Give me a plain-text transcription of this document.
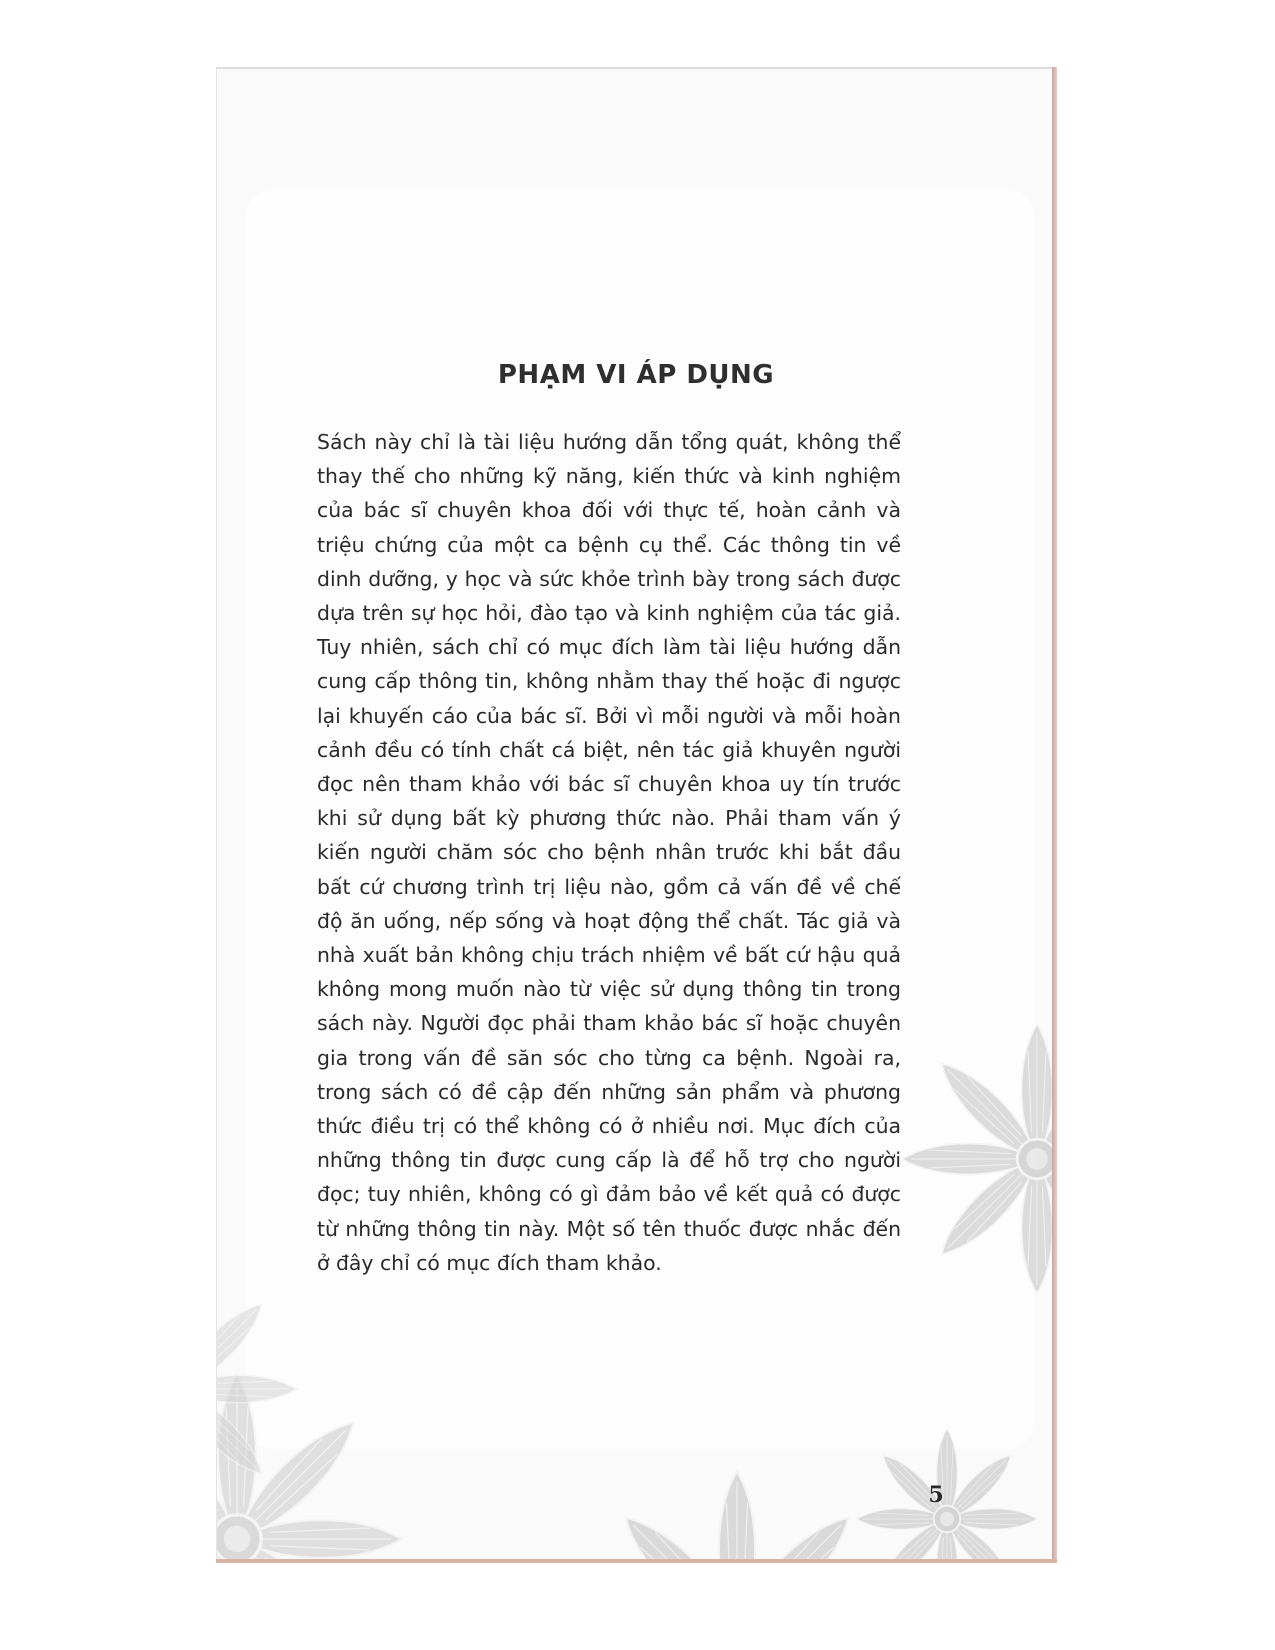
PHẠM VI ÁP DỤNG

Sách này chỉ là tài liệu hướng dẫn tổng quát, không thể thay thế cho những kỹ năng, kiến thức và kinh nghiệm của bác sĩ chuyên khoa đối với thực tế, hoàn cảnh và triệu chứng của một ca bệnh cụ thể. Các thông tin về dinh dưỡng, y học và sức khỏe trình bày trong sách được dựa trên sự học hỏi, đào tạo và kinh nghiệm của tác giả. Tuy nhiên, sách chỉ có mục đích làm tài liệu hướng dẫn cung cấp thông tin, không nhằm thay thế hoặc đi ngược lại khuyến cáo của bác sĩ. Bởi vì mỗi người và mỗi hoàn cảnh đều có tính chất cá biệt, nên tác giả khuyên người đọc nên tham khảo với bác sĩ chuyên khoa uy tín trước khi sử dụng bất kỳ phương thức nào. Phải tham vấn ý kiến người chăm sóc cho bệnh nhân trước khi bắt đầu bất cứ chương trình trị liệu nào, gồm cả vấn đề về chế độ ăn uống, nếp sống và hoạt động thể chất. Tác giả và nhà xuất bản không chịu trách nhiệm về bất cứ hậu quả không mong muốn nào từ việc sử dụng thông tin trong sách này. Người đọc phải tham khảo bác sĩ hoặc chuyên gia trong vấn đề săn sóc cho từng ca bệnh. Ngoài ra, trong sách có đề cập đến những sản phẩm và phương thức điều trị có thể không có ở nhiều nơi. Mục đích của những thông tin được cung cấp là để hỗ trợ cho người đọc; tuy nhiên, không có gì đảm bảo về kết quả có được từ những thông tin này. Một số tên thuốc được nhắc đến ở đây chỉ có mục đích tham khảo.

5
